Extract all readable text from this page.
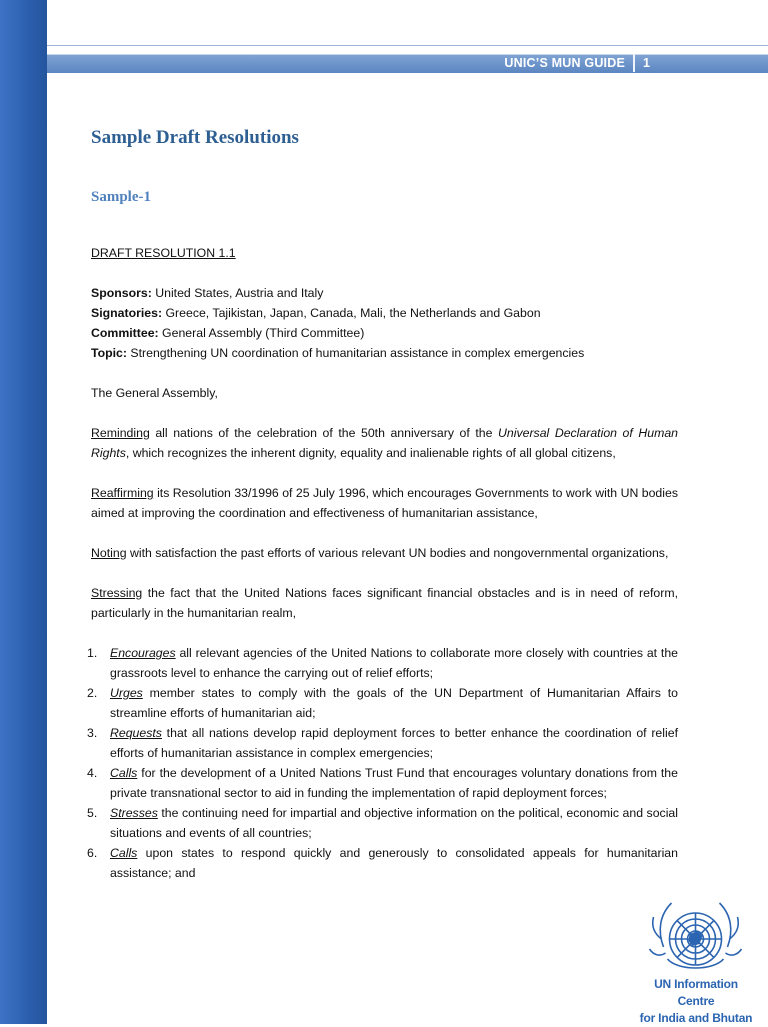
UNIC’S MUN GUIDE	1
Sample Draft Resolutions
Sample-1

DRAFT RESOLUTION 1.1

Sponsors: United States, Austria and Italy

Signatories: Greece, Tajikistan, Japan, Canada, Mali, the Netherlands and Gabon

Committee: General Assembly (Third Committee)

Topic: Strengthening UN coordination of humanitarian assistance in complex emergencies

The General Assembly,

Reminding all nations of the celebration of the 50th anniversary of the Universal Declaration of Human Rights, which recognizes the inherent dignity, equality and inalienable rights of all global citizens,

Reaffirming its Resolution 33/1996 of 25 July 1996, which encourages Governments to work with UN bodies aimed at improving the coordination and effectiveness of humanitarian assistance,

Noting with satisfaction the past efforts of various relevant UN bodies and nongovernmental organizations,

Stressing the fact that the United Nations faces significant financial obstacles and is in need of reform, particularly in the humanitarian realm,

1. Encourages all relevant agencies of the United Nations to collaborate more closely with countries at the grassroots level to enhance the carrying out of relief efforts;
2. Urges member states to comply with the goals of the UN Department of Humanitarian Affairs to streamline efforts of humanitarian aid;
3. Requests that all nations develop rapid deployment forces to better enhance the coordination of relief efforts of humanitarian assistance in complex emergencies;
4. Calls for the development of a United Nations Trust Fund that encourages voluntary donations from the private transnational sector to aid in funding the implementation of rapid deployment forces;
5. Stresses the continuing need for impartial and objective information on the political, economic and social situations and events of all countries;
6. Calls upon states to respond quickly and generously to consolidated appeals for humanitarian assistance; and
UN Information Centre
for India and Bhutan
